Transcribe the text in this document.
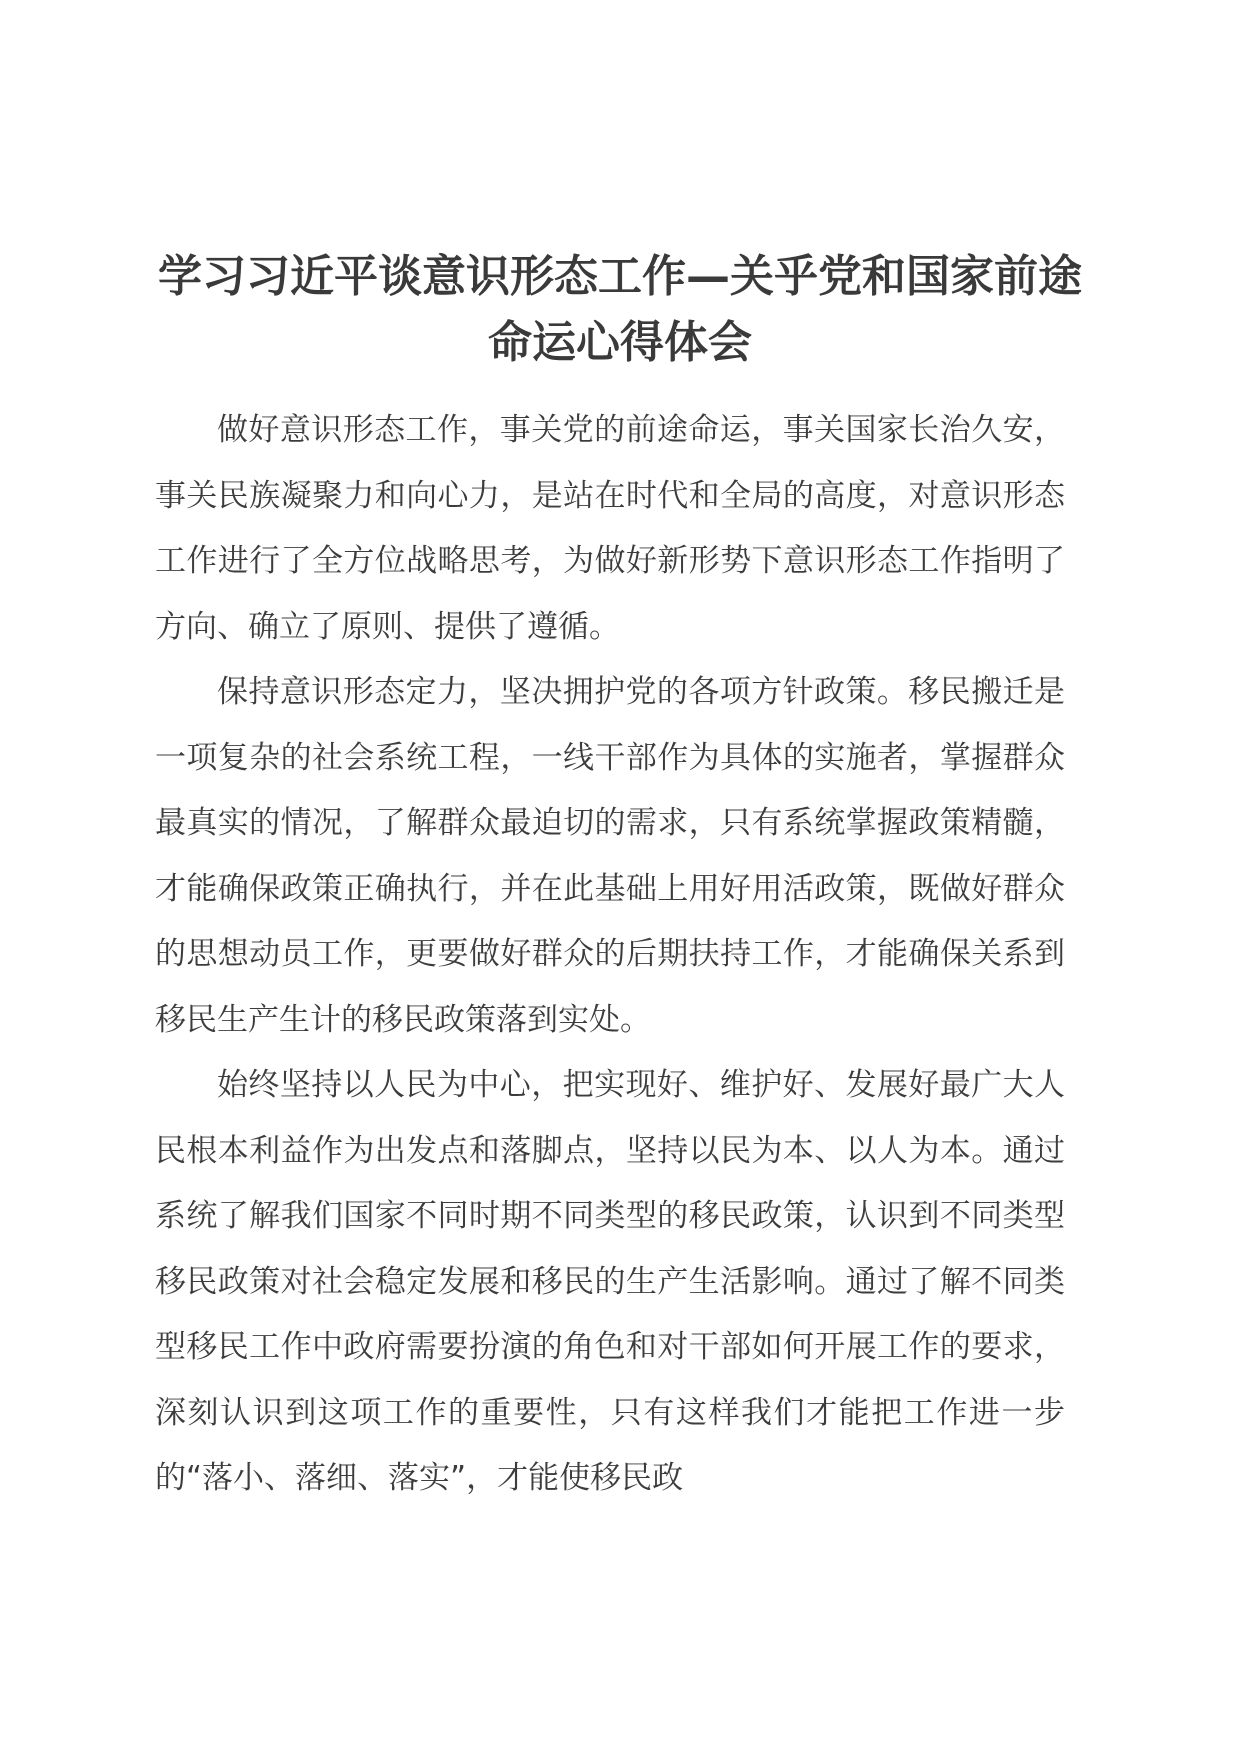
学习习近平谈意识形态工作—关乎党和国家前途命运心得体会

做好意识形态工作，事关党的前途命运，事关国家长治久安，事关民族凝聚力和向心力，是站在时代和全局的高度，对意识形态工作进行了全方位战略思考，为做好新形势下意识形态工作指明了方向、确立了原则、提供了遵循。

保持意识形态定力，坚决拥护党的各项方针政策。移民搬迁是一项复杂的社会系统工程，一线干部作为具体的实施者，掌握群众最真实的情况，了解群众最迫切的需求，只有系统掌握政策精髓，才能确保政策正确执行，并在此基础上用好用活政策，既做好群众的思想动员工作，更要做好群众的后期扶持工作，才能确保关系到移民生产生计的移民政策落到实处。

始终坚持以人民为中心，把实现好、维护好、发展好最广大人民根本利益作为出发点和落脚点，坚持以民为本、以人为本。通过系统了解我们国家不同时期不同类型的移民政策，认识到不同类型移民政策对社会稳定发展和移民的生产生活影响。通过了解不同类型移民工作中政府需要扮演的角色和对干部如何开展工作的要求，深刻认识到这项工作的重要性，只有这样我们才能把工作进一步的“落小、落细、落实”，才能使移民政
